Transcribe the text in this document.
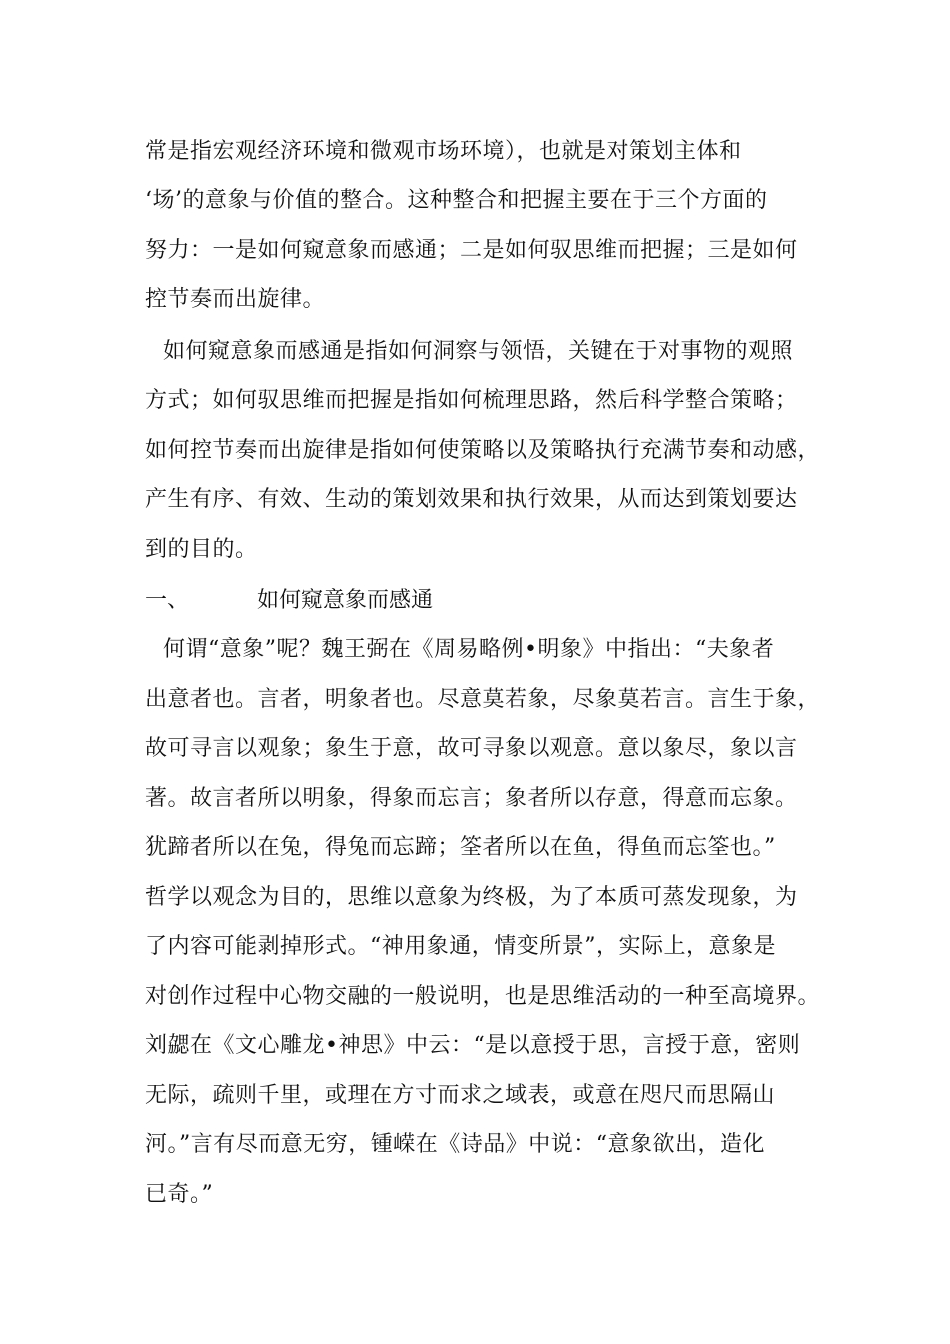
常是指宏观经济环境和微观市场环境），也就是对策划主体和
‘场’的意象与价值的整合。这种整合和把握主要在于三个方面的
努力：一是如何窥意象而感通；二是如何驭思维而把握；三是如何
控节奏而出旋律。
如何窥意象而感通是指如何洞察与领悟，关键在于对事物的观照
方式；如何驭思维而把握是指如何梳理思路，然后科学整合策略；
如何控节奏而出旋律是指如何使策略以及策略执行充满节奏和动感，
产生有序、有效、生动的策划效果和执行效果，从而达到策划要达
到的目的。
一、	如何窥意象而感通
何谓“意象”呢？魏王弼在《周易略例•明象》中指出：“夫象者
出意者也。言者，明象者也。尽意莫若象，尽象莫若言。言生于象，
故可寻言以观象；象生于意，故可寻象以观意。意以象尽，象以言
著。故言者所以明象，得象而忘言；象者所以存意，得意而忘象。
犹蹄者所以在兔，得兔而忘蹄；筌者所以在鱼，得鱼而忘筌也。”
哲学以观念为目的，思维以意象为终极，为了本质可蒸发现象，为
了内容可能剥掉形式。“神用象通，情变所景”，实际上，意象是
对创作过程中心物交融的一般说明，也是思维活动的一种至高境界。
刘勰在《文心雕龙•神思》中云：“是以意授于思，言授于意，密则
无际，疏则千里，或理在方寸而求之域表，或意在咫尺而思隔山
河。”言有尽而意无穷，锺嵘在《诗品》中说：“意象欲出，造化
已奇。”
